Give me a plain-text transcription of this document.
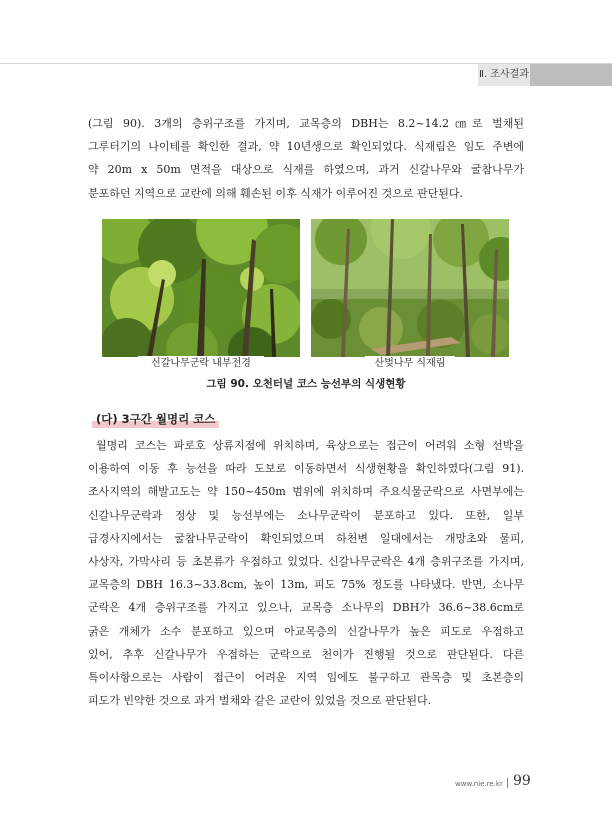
Ⅱ. 조사결과
(그림 90). 3개의 층위구조를 가지며, 교목층의 DBH는 8.2~14.2㎝로 벌채된
그루터기의 나이테를 확인한 결과, 약 10년생으로 확인되었다. 식재림은 임도 주변에
약 20m x 50m 면적을 대상으로 식재를 하였으며, 과거 신갈나무와 굴참나무가
분포하던 지역으로 교란에 의해 훼손된 이후 식재가 이루어진 것으로 판단된다.
신갈나무군락 내부전경	산벚나무 식재림
그림 90. 오천터널 코스 능선부의 식생현황
(다) 3구간 월명리 코스
월명리 코스는 파로호 상류지점에 위치하며, 육상으로는 접근이 어려워 소형 선박을
이용하여 이동 후 능선을 따라 도보로 이동하면서 식생현황을 확인하였다(그림 91).
조사지역의 해발고도는 약 150~450m 범위에 위치하며 주요식물군락으로 사면부에는
신갈나무군락과 정상 및 능선부에는 소나무군락이 분포하고 있다. 또한, 일부
급경사지에서는 굴참나무군락이 확인되었으며 하천변 일대에서는 개망초와 물피,
사상자, 가막사리 등 초본류가 우점하고 있었다. 신갈나무군락은 4개 층위구조를 가지며,
교목층의 DBH 16.3~33.8cm, 높이 13m, 피도 75% 정도를 나타냈다. 반면, 소나무
군락은 4개 층위구조를 가지고 있으나, 교목층 소나무의 DBH가 36.6~38.6cm로
굵은 개체가 소수 분포하고 있으며 아교목층의 신갈나무가 높은 피도로 우점하고
있어, 추후 신갈나무가 우점하는 군락으로 천이가 진행될 것으로 판단된다. 다른
특이사항으로는 사람이 접근이 어려운 지역 임에도 불구하고 관목층 및 초본층의
피도가 빈약한 것으로 과거 벌채와 같은 교란이 있었을 것으로 판단된다.
www.nie.re.kr 99
